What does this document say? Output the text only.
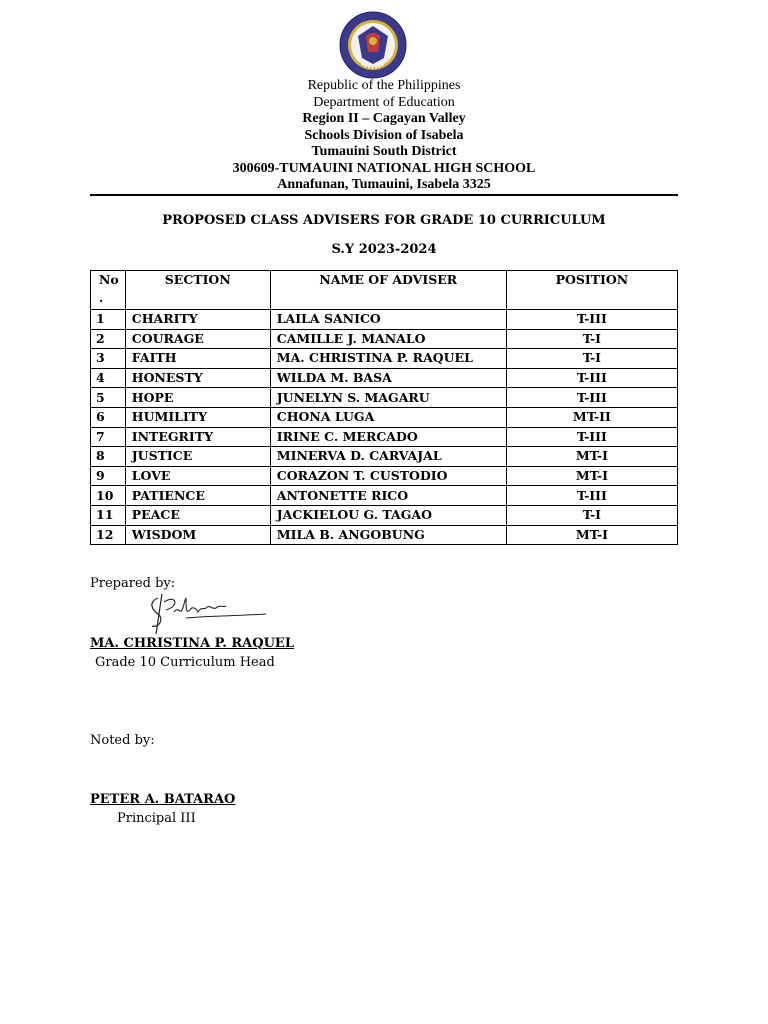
Republic of the Philippines
Department of Education
Region II – Cagayan Valley
Schools Division of Isabela
Tumauini South District
300609-TUMAUINI NATIONAL HIGH SCHOOL
Annafunan, Tumauini, Isabela 3325
PROPOSED CLASS ADVISERS FOR GRADE 10 CURRICULUM
S.Y 2023-2024
No
.	SECTION	NAME OF ADVISER	POSITION
1	CHARITY	LAILA SANICO	T-III
2	COURAGE	CAMILLE J. MANALO	T-I
3	FAITH	MA. CHRISTINA P. RAQUEL	T-I
4	HONESTY	WILDA M. BASA	T-III
5	HOPE	JUNELYN S. MAGARU	T-III
6	HUMILITY	CHONA LUGA	MT-II
7	INTEGRITY	IRINE C. MERCADO	T-III
8	JUSTICE	MINERVA D. CARVAJAL	MT-I
9	LOVE	CORAZON T. CUSTODIO	MT-I
10	PATIENCE	ANTONETTE RICO	T-III
11	PEACE	JACKIELOU G. TAGAO	T-I
12	WISDOM	MILA B. ANGOBUNG	MT-I
Prepared by:
MA. CHRISTINA P. RAQUEL
Grade 10 Curriculum Head
Noted by:
PETER A. BATARAO
Principal III
